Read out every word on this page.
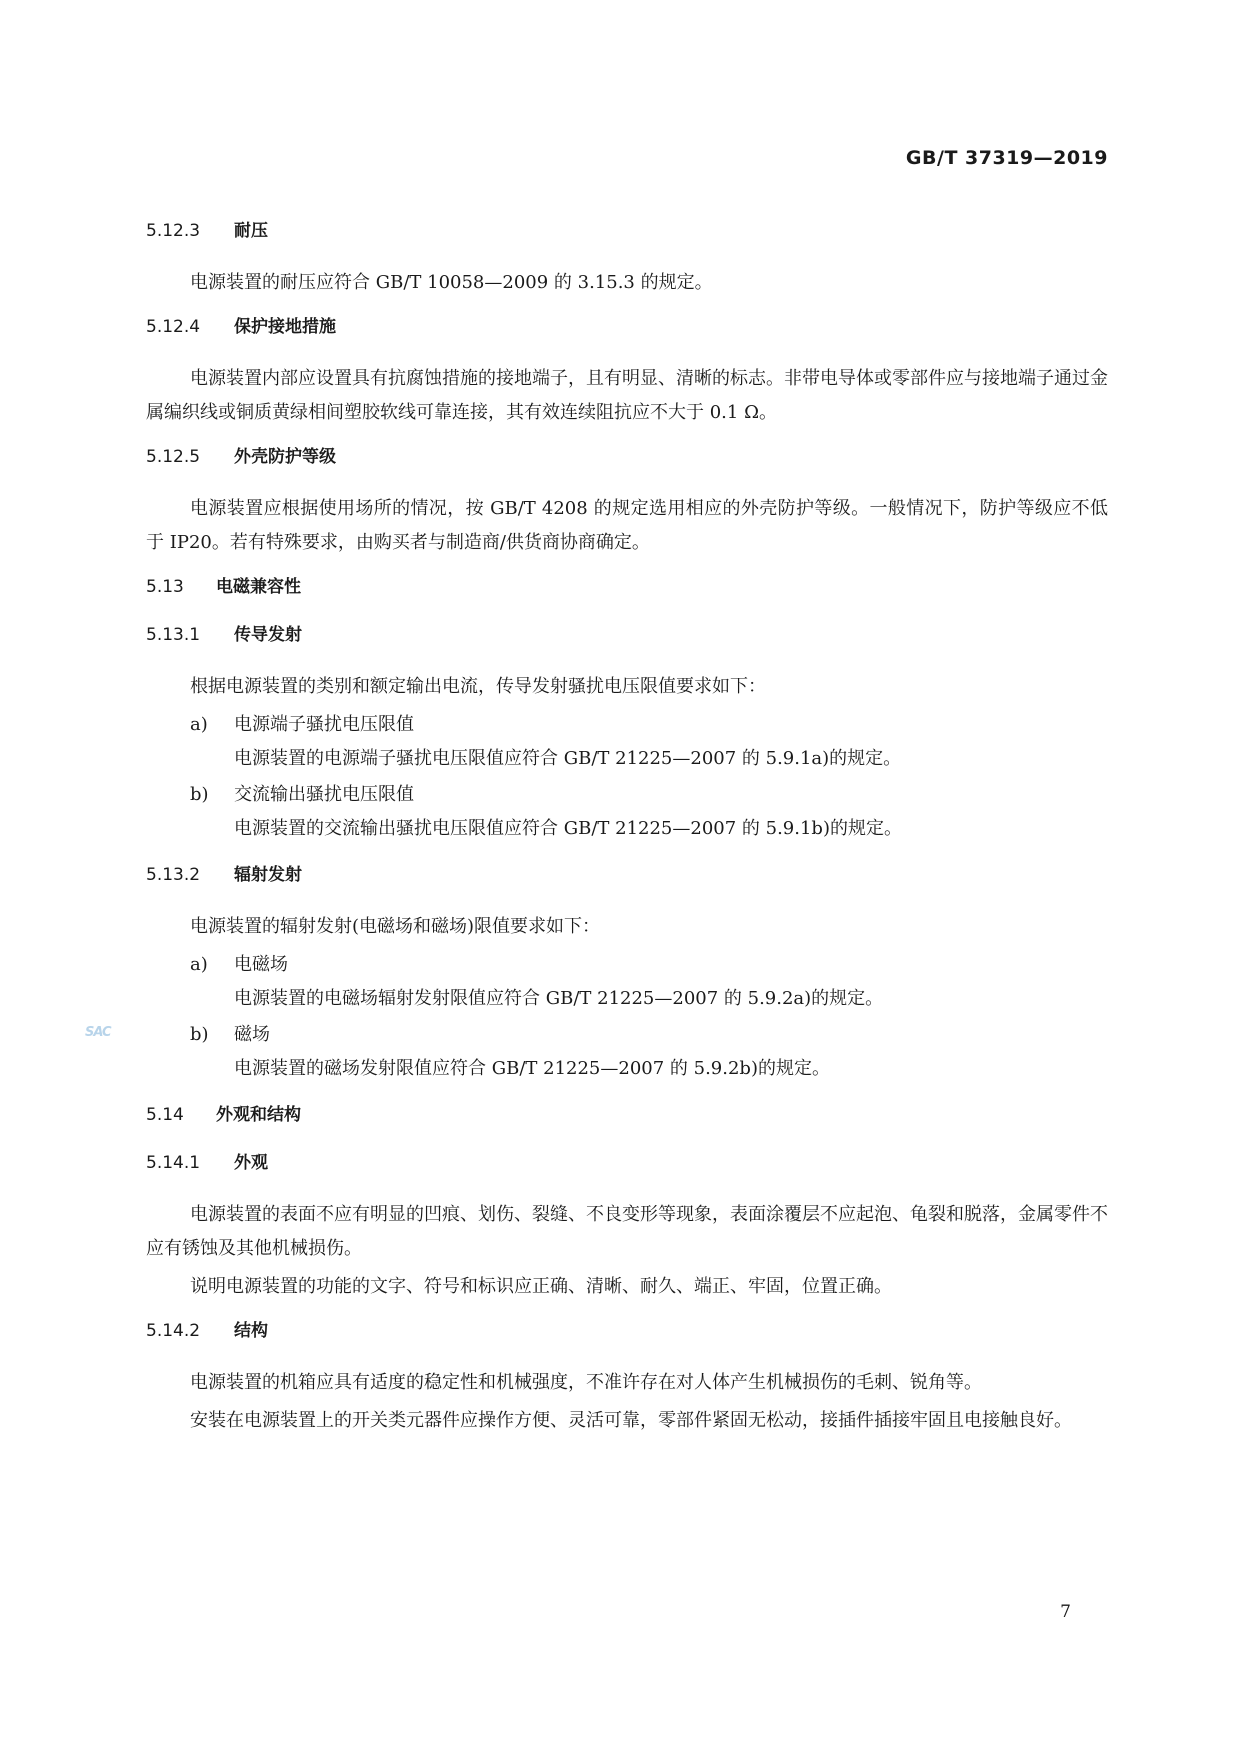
GB/T 37319—2019
5.12.3 耐压

电源装置的耐压应符合 GB/T 10058—2009 的 3.15.3 的规定。

5.12.4 保护接地措施

电源装置内部应设置具有抗腐蚀措施的接地端子，且有明显、清晰的标志。非带电导体或零部件应与接地端子通过金属编织线或铜质黄绿相间塑胶软线可靠连接，其有效连续阻抗应不大于 0.1 Ω。

5.12.5 外壳防护等级

电源装置应根据使用场所的情况，按 GB/T 4208 的规定选用相应的外壳防护等级。一般情况下，防护等级应不低于 IP20。若有特殊要求，由购买者与制造商/供货商协商确定。

5.13 电磁兼容性
5.13.1 传导发射

根据电源装置的类别和额定输出电流，传导发射骚扰电压限值要求如下：

a) 电源端子骚扰电压限值
电源装置的电源端子骚扰电压限值应符合 GB/T 21225—2007 的 5.9.1a)的规定。
b) 交流输出骚扰电压限值
电源装置的交流输出骚扰电压限值应符合 GB/T 21225—2007 的 5.9.1b)的规定。
5.13.2 辐射发射

电源装置的辐射发射(电磁场和磁场)限值要求如下：

a) 电磁场
电源装置的电磁场辐射发射限值应符合 GB/T 21225—2007 的 5.9.2a)的规定。
b) 磁场
电源装置的磁场发射限值应符合 GB/T 21225—2007 的 5.9.2b)的规定。
5.14 外观和结构
5.14.1 外观

电源装置的表面不应有明显的凹痕、划伤、裂缝、不良变形等现象，表面涂覆层不应起泡、龟裂和脱落，金属零件不应有锈蚀及其他机械损伤。

说明电源装置的功能的文字、符号和标识应正确、清晰、耐久、端正、牢固，位置正确。

5.14.2 结构

电源装置的机箱应具有适度的稳定性和机械强度，不准许存在对人体产生机械损伤的毛刺、锐角等。

安装在电源装置上的开关类元器件应操作方便、灵活可靠，零部件紧固无松动，接插件插接牢固且电接触良好。

SAC
7
